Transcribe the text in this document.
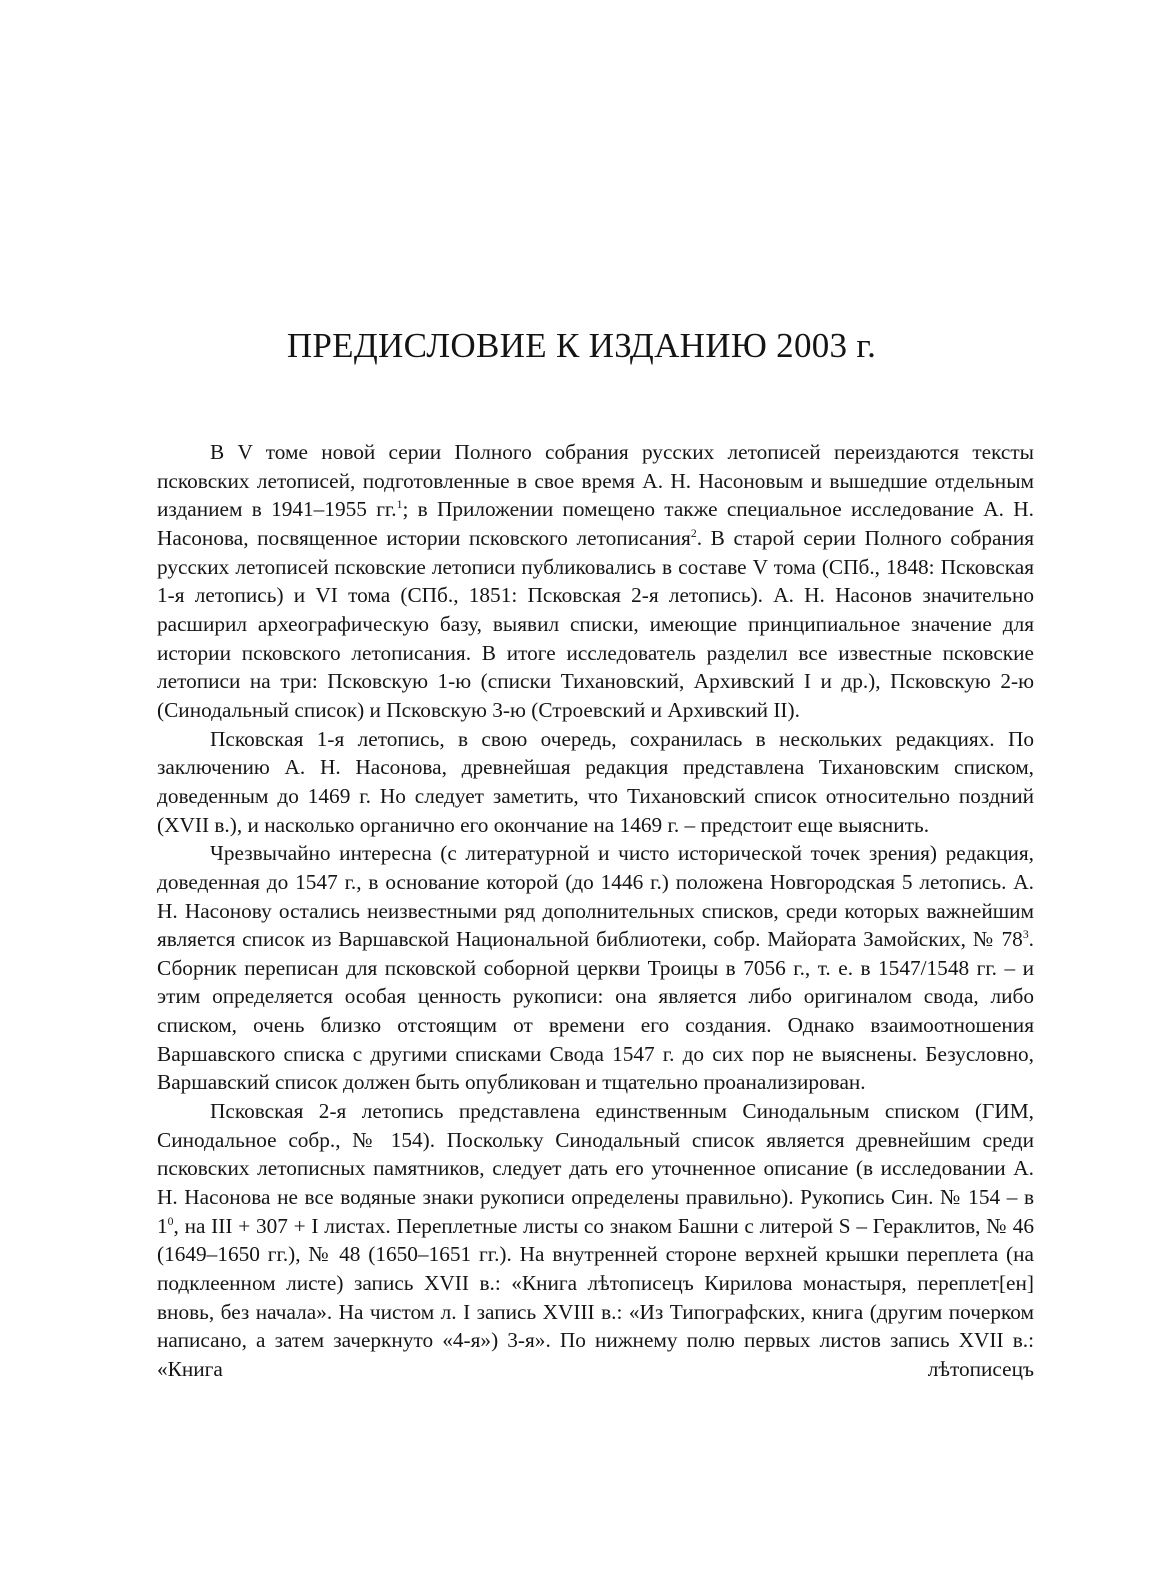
ПРЕДИСЛОВИЕ К ИЗДАНИЮ 2003 г.

В V томе новой серии Полного собрания русских летописей переиздаются тексты псковских летописей, подготовленные в свое время А. Н. Насоновым и вышедшие отдельным изданием в 1941–1955 гг.$^1$; в Приложении помещено также специальное исследование А. Н. Насонова, посвященное истории псковского летописания$^2$. В старой серии Полного собрания русских летописей псковские летописи публиковались в составе V тома (СПб., 1848: Псковская 1-я летопись) и VI тома (СПб., 1851: Псковская 2-я летопись). А. Н. Насонов значительно расширил археографическую базу, выявил списки, имеющие принципиальное значение для истории псковского летописания. В итоге исследователь разделил все известные псковские летописи на три: Псковскую 1-ю (списки Тихановский, Архивский I и др.), Псковскую 2-ю (Синодальный список) и Псковскую 3-ю (Строевский и Архивский II).

Псковская 1-я летопись, в свою очередь, сохранилась в нескольких редакциях. По заключению А. Н. Насонова, древнейшая редакция представлена Тихановским списком, доведенным до 1469 г. Но следует заметить, что Тихановский список относительно поздний (XVII в.), и насколько органично его окончание на 1469 г. – предстоит еще выяснить.

Чрезвычайно интересна (с литературной и чисто исторической точек зрения) редакция, доведенная до 1547 г., в основание которой (до 1446 г.) положена Новгородская 5 летопись. А. Н. Насонову остались неизвестными ряд дополнительных списков, среди которых важнейшим является список из Варшавской Национальной библиотеки, собр. Майората Замойских, № $78^3$. Сборник переписан для псковской соборной церкви Троицы в 7056 г., т. е. в 1547/1548 гг. – и этим определяется особая ценность рукописи: она является либо оригиналом свода, либо списком, очень близко отстоящим от времени его создания. Однако взаимоотношения Варшавского списка с другими списками Свода 1547 г. до сих пор не выяснены. Безусловно, Варшавский список должен быть опубликован и тщательно проанализирован.

Псковская 2-я летопись представлена единственным Синодальным списком (ГИМ, Синодальное собр., № 154). Поскольку Синодальный список является древнейшим среди псковских летописных памятников, следует дать его уточненное описание (в исследовании А. Н. Насонова не все водяные знаки рукописи определены правильно). Рукопись Син. № 154 – в $1^0$, на III + 307 + I листах. Переплетные листы со знаком Башни с литерой S – Гераклитов, № 46 (1649–1650 гг.), № 48 (1650–1651 гг.). На внутренней стороне верхней крышки переплета (на подклеенном листе) запись XVII в.: «Книга лѣтописецъ Кирилова монастыря, переплет[ен] вновь, без начала». На чистом л. I запись XVIII в.: «Из Типографских, книга (другим почерком написано, а затем зачеркнуто «4-я») 3-я». По нижнему полю первых листов запись XVII в.: «Книга лѣтописецъ
